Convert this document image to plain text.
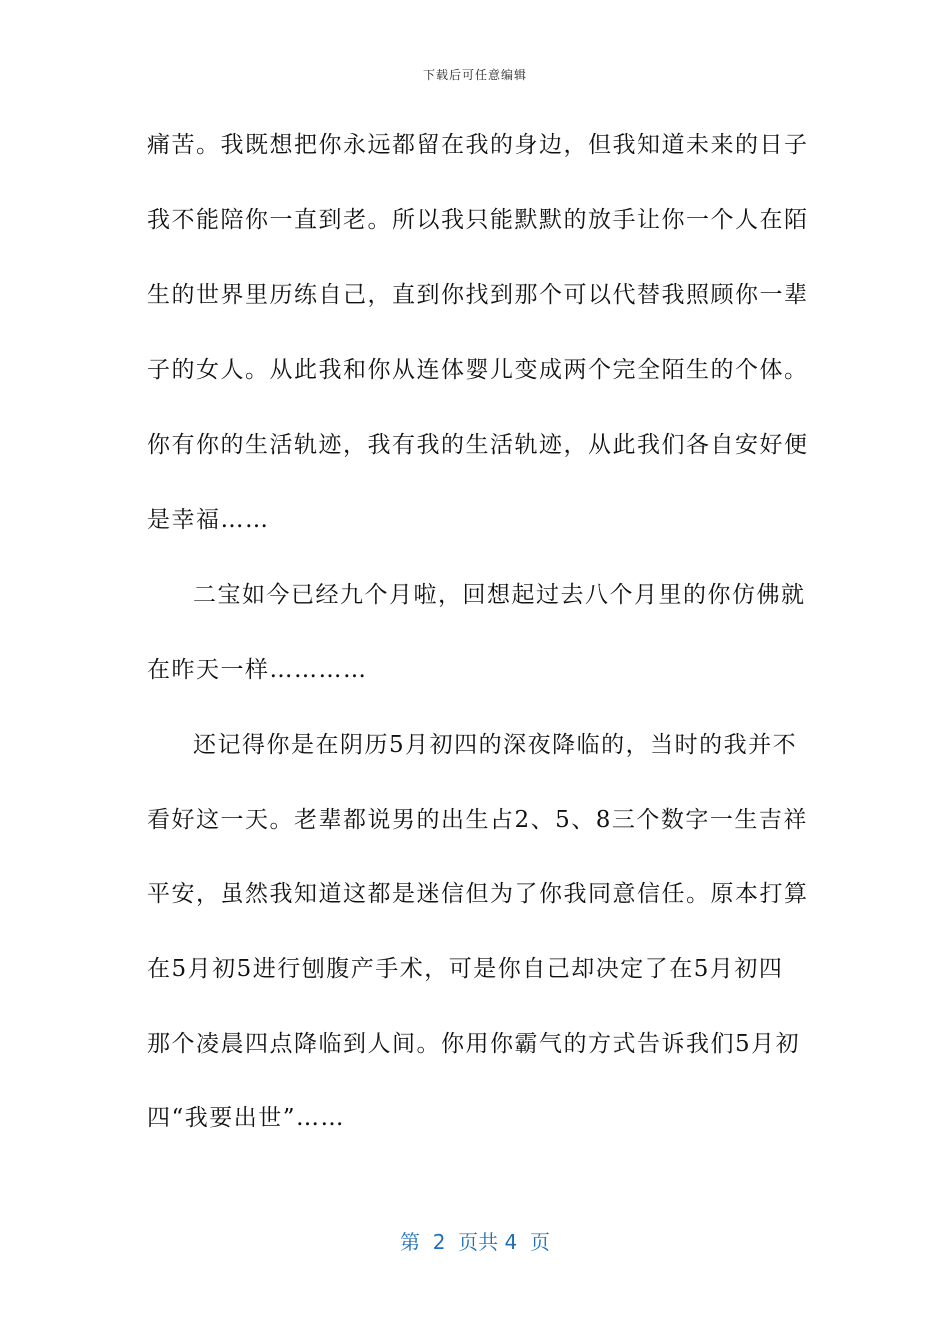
下载后可任意编辑
痛苦。我既想把你永远都留在我的身边，但我知道未来的日子
我不能陪你一直到老。所以我只能默默的放手让你一个人在陌
生的世界里历练自己，直到你找到那个可以代替我照顾你一辈
子的女人。从此我和你从连体婴儿变成两个完全陌生的个体。
你有你的生活轨迹，我有我的生活轨迹，从此我们各自安好便
是幸福……
二宝如今已经九个月啦，回想起过去八个月里的你仿佛就
在昨天一样…………
还记得你是在阴历5月初四的深夜降临的，当时的我并不
看好这一天。老辈都说男的出生占2、5、8三个数字一生吉祥
平安，虽然我知道这都是迷信但为了你我同意信任。原本打算
在5月初5进行刨腹产手术，可是你自己却决定了在5月初四
那个凌晨四点降临到人间。你用你霸气的方式告诉我们5月初
四“我要出世”……
第  2  页共 4  页
